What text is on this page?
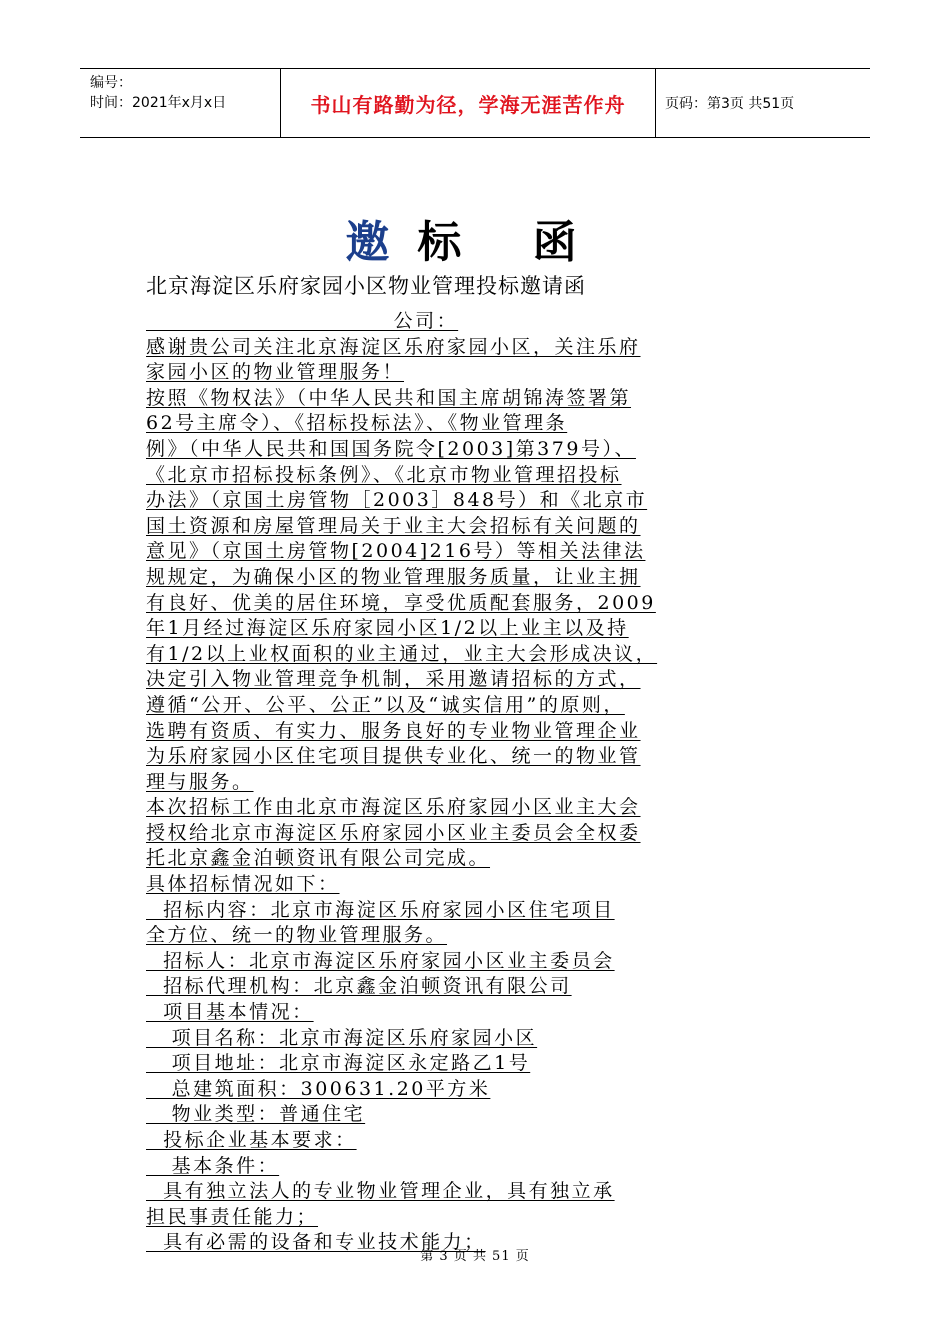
编号：
时间：2021年x月x日	书山有路勤为径，学海无涯苦作舟	页码：第3页 共51页
邀标 函
北京海淀区乐府家园小区物业管理投标邀请函
公司：
感谢贵公司关注北京海淀区乐府家园小区，关注乐府
家园小区的物业管理服务！
按照《物权法》（中华人民共和国主席胡锦涛签署第
62号主席令）、《招标投标法》、《物业管理条
例》（中华人民共和国国务院令[2003]第379号）、
《北京市招标投标条例》、《北京市物业管理招投标
办法》（京国土房管物［2003］848号）和《北京市
国土资源和房屋管理局关于业主大会招标有关问题的
意见》（京国土房管物[2004]216号）等相关法律法
规规定，为确保小区的物业管理服务质量，让业主拥
有良好、优美的居住环境，享受优质配套服务，2009
年1月经过海淀区乐府家园小区1/2以上业主以及持
有1/2以上业权面积的业主通过，业主大会形成决议，
决定引入物业管理竞争机制，采用邀请招标的方式，
遵循“公开、公平、公正”以及“诚实信用”的原则，
选聘有资质、有实力、服务良好的专业物业管理企业
为乐府家园小区住宅项目提供专业化、统一的物业管
理与服务。
本次招标工作由北京市海淀区乐府家园小区业主大会
授权给北京市海淀区乐府家园小区业主委员会全权委
托北京鑫金泊顿资讯有限公司完成。
具体招标情况如下：
招标内容：北京市海淀区乐府家园小区住宅项目
全方位、统一的物业管理服务。
招标人：北京市海淀区乐府家园小区业主委员会
招标代理机构：北京鑫金泊顿资讯有限公司
项目基本情况：
项目名称：北京市海淀区乐府家园小区
项目地址：北京市海淀区永定路乙1号
总建筑面积：300631.20平方米
物业类型：普通住宅
投标企业基本要求：
基本条件：
具有独立法人的专业物业管理企业，具有独立承
担民事责任能力；
具有必需的设备和专业技术能力；
第 3 页 共 51 页
